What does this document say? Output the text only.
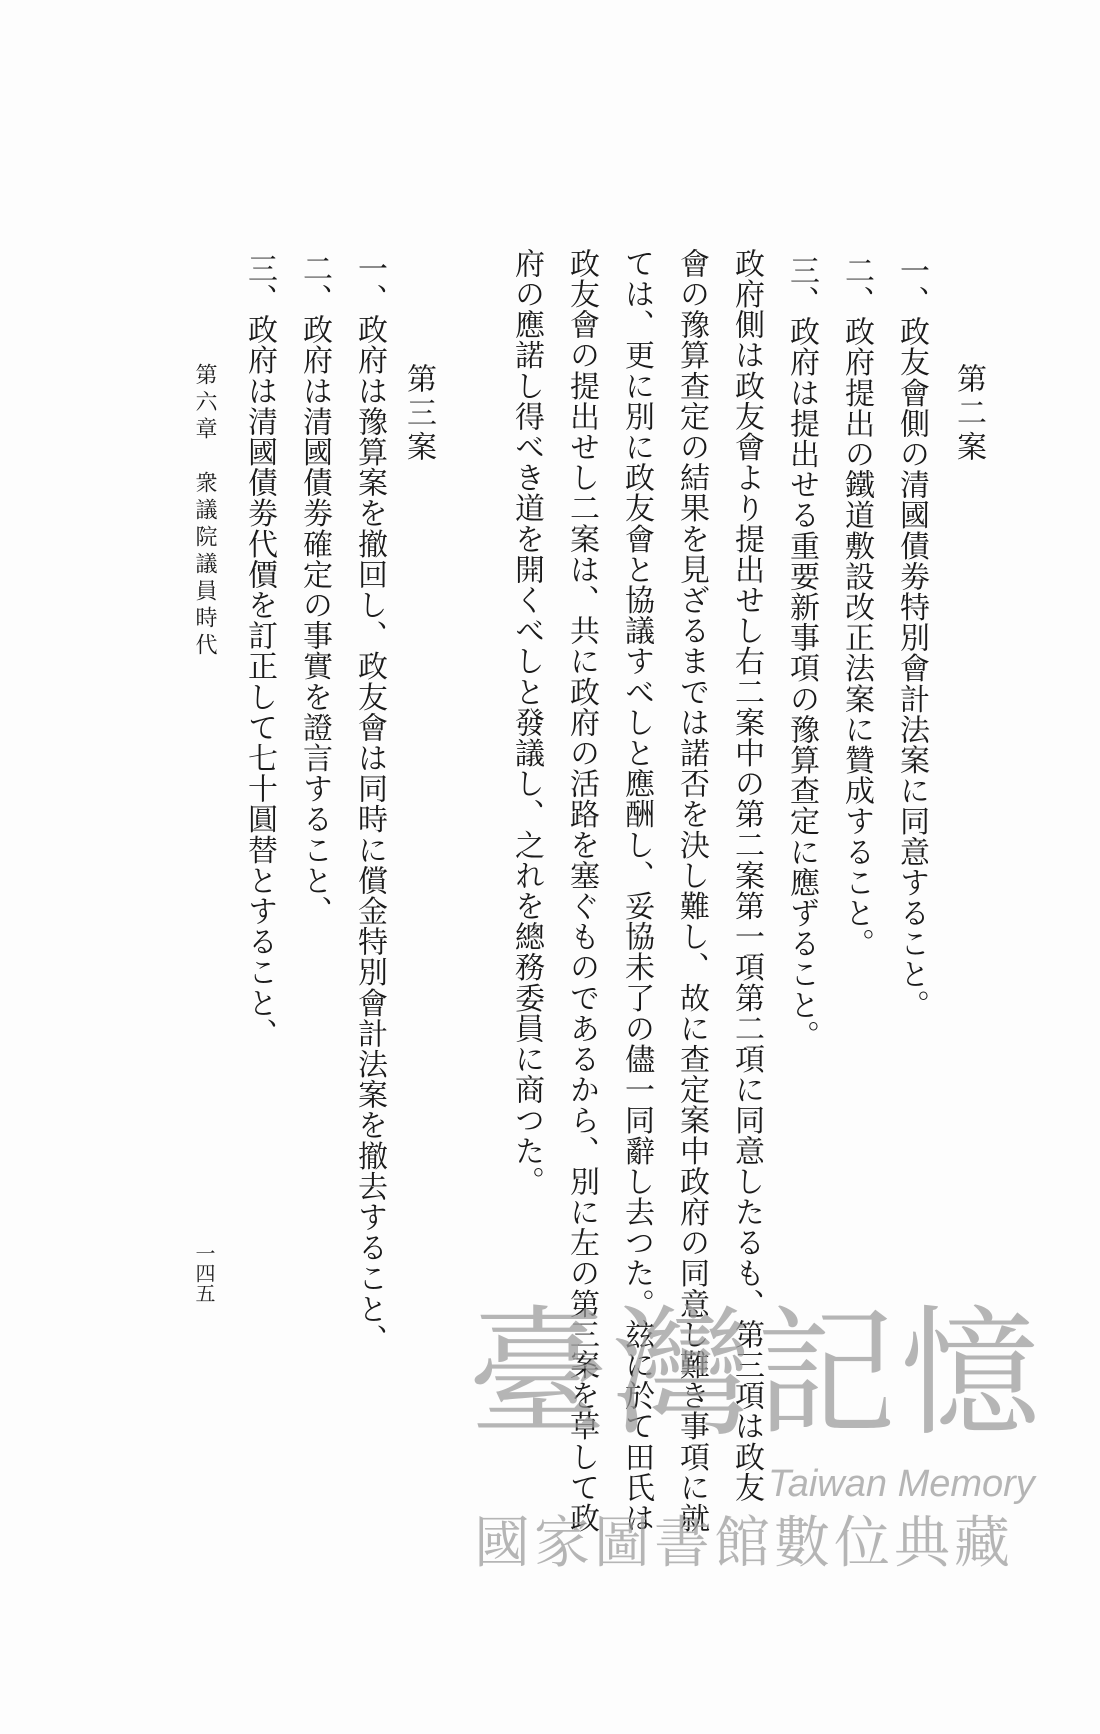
第二案
一、政友會側の清國債劵特別會計法案に同意すること。
二、政府提出の鐵道敷設改正法案に贊成すること。
三、政府は提出せる重要新事項の豫算查定に應ずること。
政府側は政友會より提出せし右二案中の第二案第一項第二項に同意したるも、第三項は政友
會の豫算查定の結果を見ざるまでは諾否を決し難し、故に查定案中政府の同意し難き事項に就
ては、更に別に政友會と協議すべしと應酬し、妥協未了の儘一同辭し去つた。玆に於て田氏は
政友會の提出せし二案は、共に政府の活路を塞ぐものであるから、別に左の第三案を草して政
府の應諾し得べき道を開くべしと發議し、之れを總務委員に商つた。
第三案
一、政府は豫算案を撤回し、政友會は同時に償金特別會計法案を撤去すること、
二、政府は清國債劵確定の事實を證言すること、
三、政府は清國債劵代價を訂正して七十圓替とすること、
第六章　衆議院議員時代
一四五
臺灣記憶
Taiwan Memory
國家圖書館數位典藏
